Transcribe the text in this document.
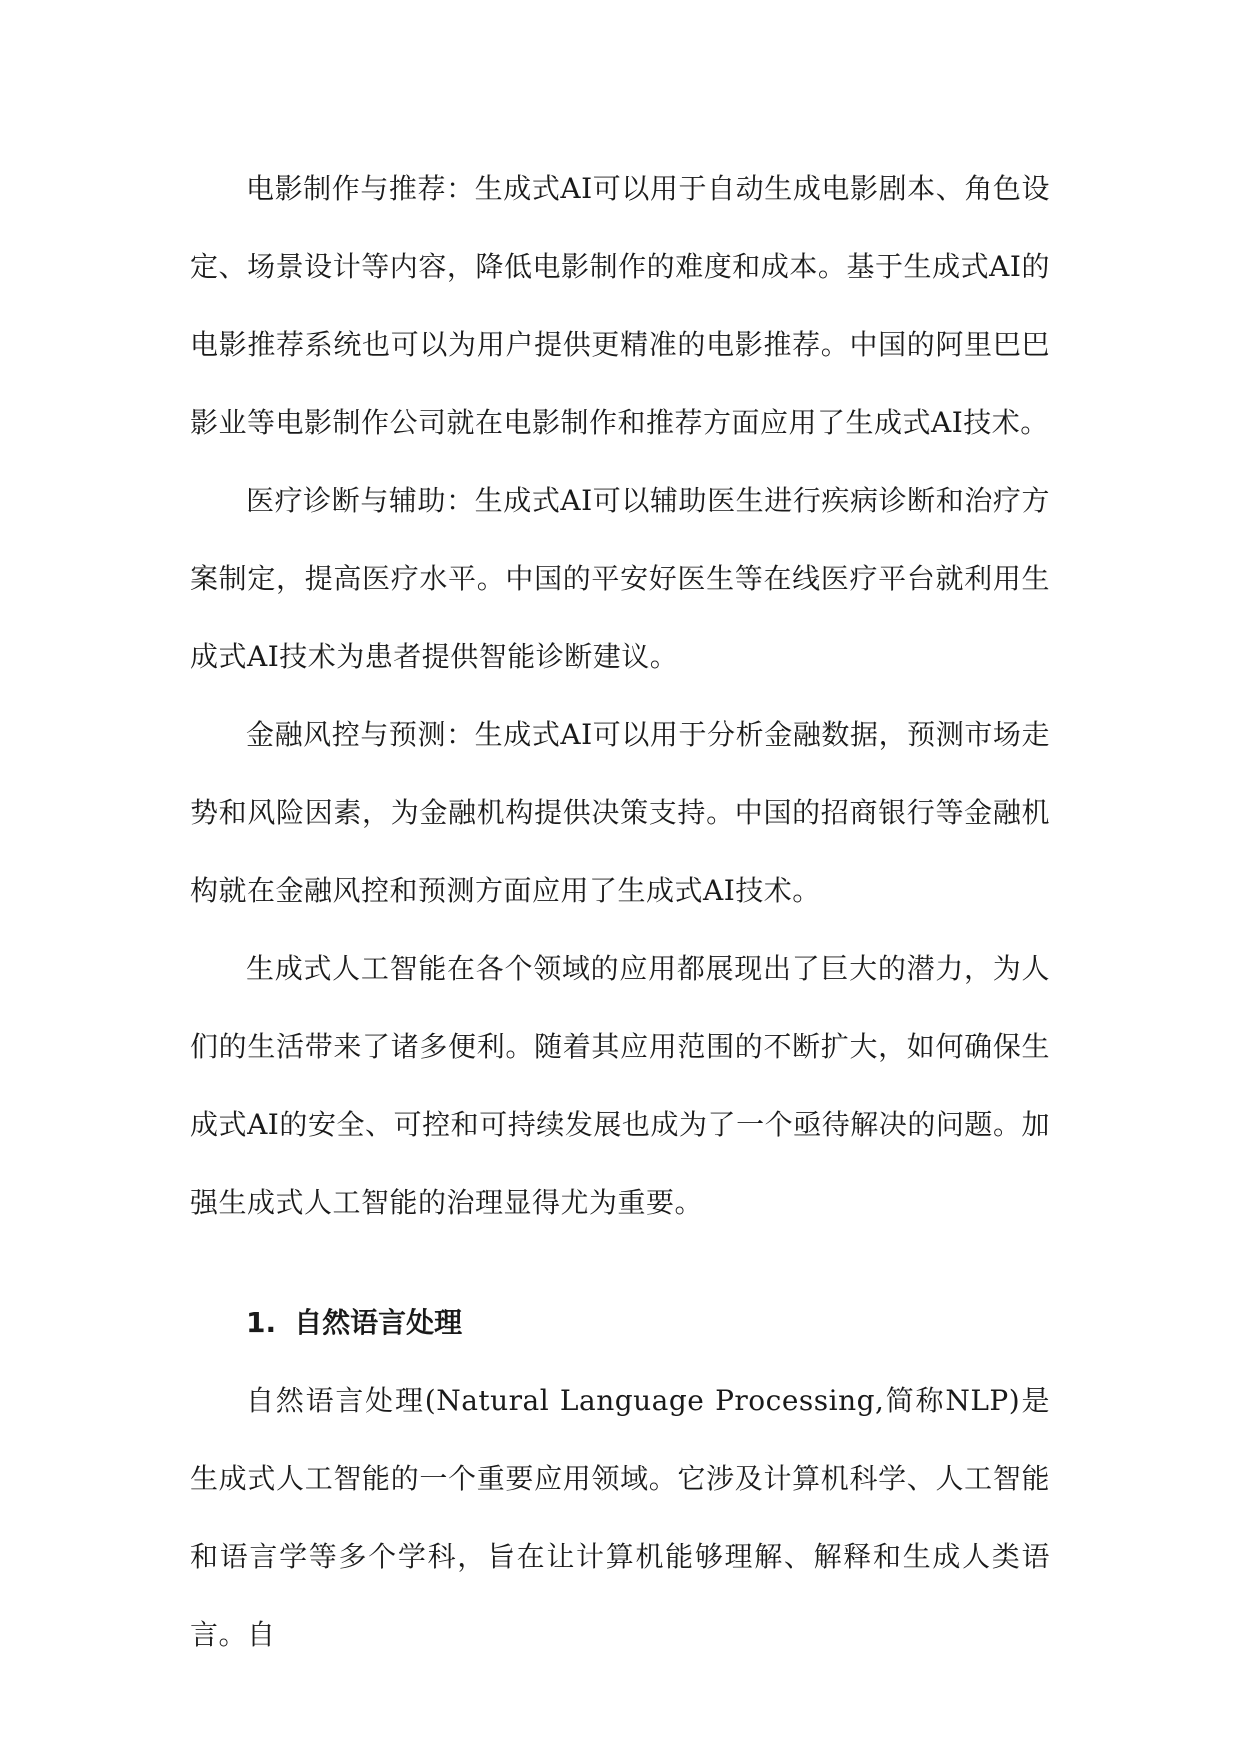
电影制作与推荐：生成式AI可以用于自动生成电影剧本、角色设定、场景设计等内容，降低电影制作的难度和成本。基于生成式AI的电影推荐系统也可以为用户提供更精准的电影推荐。中国的阿里巴巴影业等电影制作公司就在电影制作和推荐方面应用了生成式AI技术。

医疗诊断与辅助：生成式AI可以辅助医生进行疾病诊断和治疗方案制定，提高医疗水平。中国的平安好医生等在线医疗平台就利用生成式AI技术为患者提供智能诊断建议。

金融风控与预测：生成式AI可以用于分析金融数据，预测市场走势和风险因素，为金融机构提供决策支持。中国的招商银行等金融机构就在金融风控和预测方面应用了生成式AI技术。

生成式人工智能在各个领域的应用都展现出了巨大的潜力，为人们的生活带来了诸多便利。随着其应用范围的不断扩大，如何确保生成式AI的安全、可控和可持续发展也成为了一个亟待解决的问题。加强生成式人工智能的治理显得尤为重要。

1. 自然语言处理

自然语言处理(Natural Language Processing,简称NLP)是生成式人工智能的一个重要应用领域。它涉及计算机科学、人工智能和语言学等多个学科，旨在让计算机能够理解、解释和生成人类语言。自
